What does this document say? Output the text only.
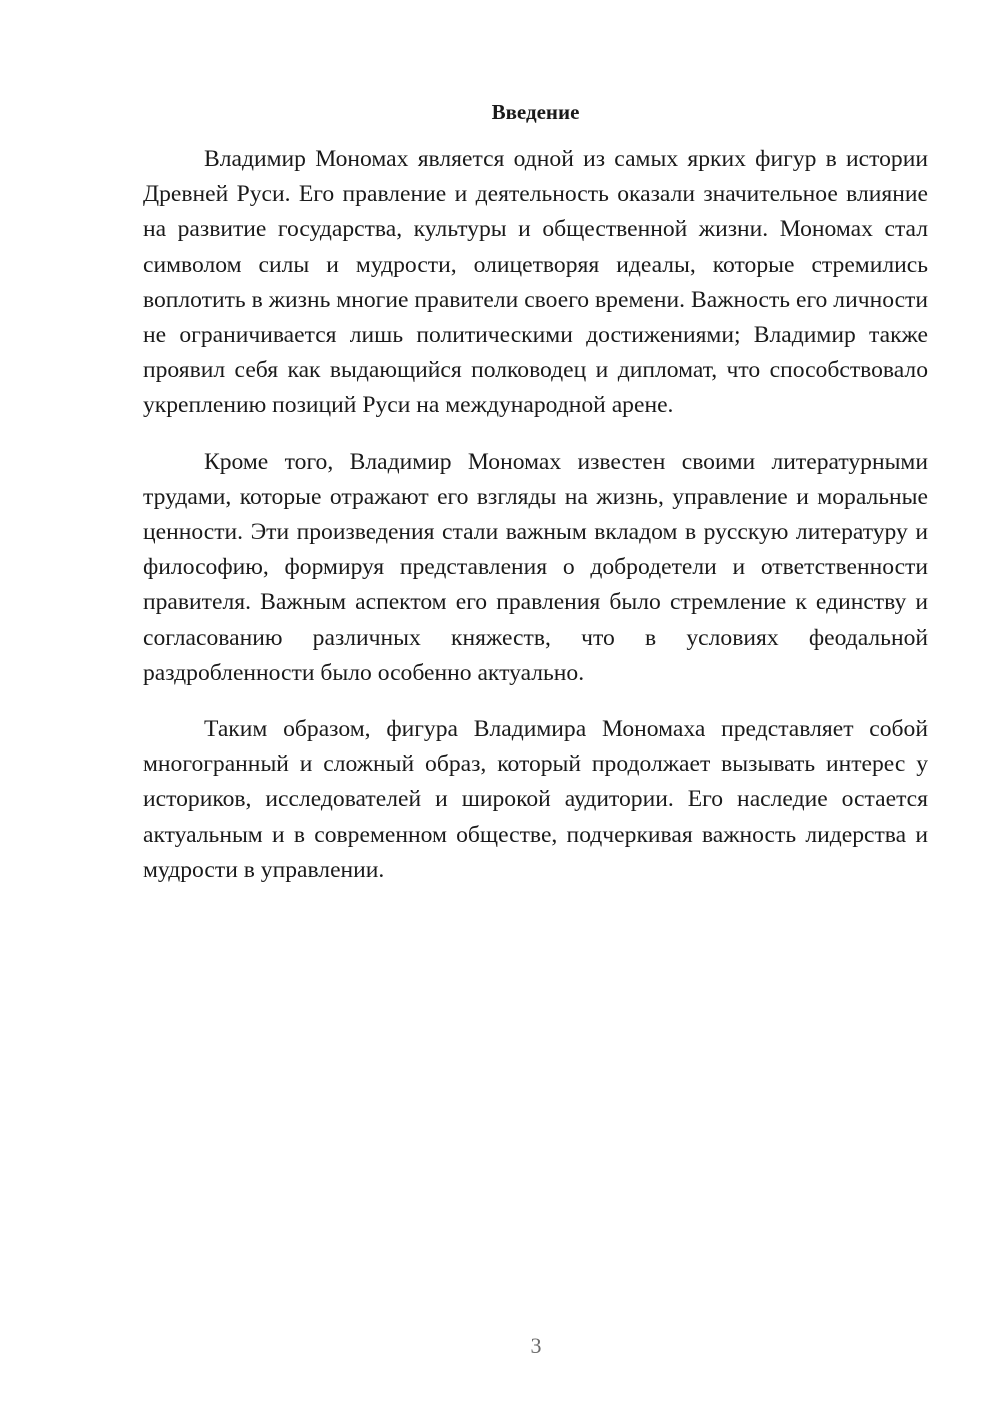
Введение

Владимир Мономах является одной из самых ярких фигур в истории Древней Руси. Его правление и деятельность оказали значительное влияние на развитие государства, культуры и общественной жизни. Мономах стал символом силы и мудрости, олицетворяя идеалы, которые стремились воплотить в жизнь многие правители своего времени. Важность его личности не ограничивается лишь политическими достижениями; Владимир также проявил себя как выдающийся полководец и дипломат, что способствовало укреплению позиций Руси на международной арене.

Кроме того, Владимир Мономах известен своими литературными трудами, которые отражают его взгляды на жизнь, управление и моральные ценности. Эти произведения стали важным вкладом в русскую литературу и философию, формируя представления о добродетели и ответственности правителя. Важным аспектом его правления было стремление к единству и согласованию различных княжеств, что в условиях феодальной раздробленности было особенно актуально.

Таким образом, фигура Владимира Мономаха представляет собой многогранный и сложный образ, который продолжает вызывать интерес у историков, исследователей и широкой аудитории. Его наследие остается актуальным и в современном обществе, подчеркивая важность лидерства и мудрости в управлении.

3
